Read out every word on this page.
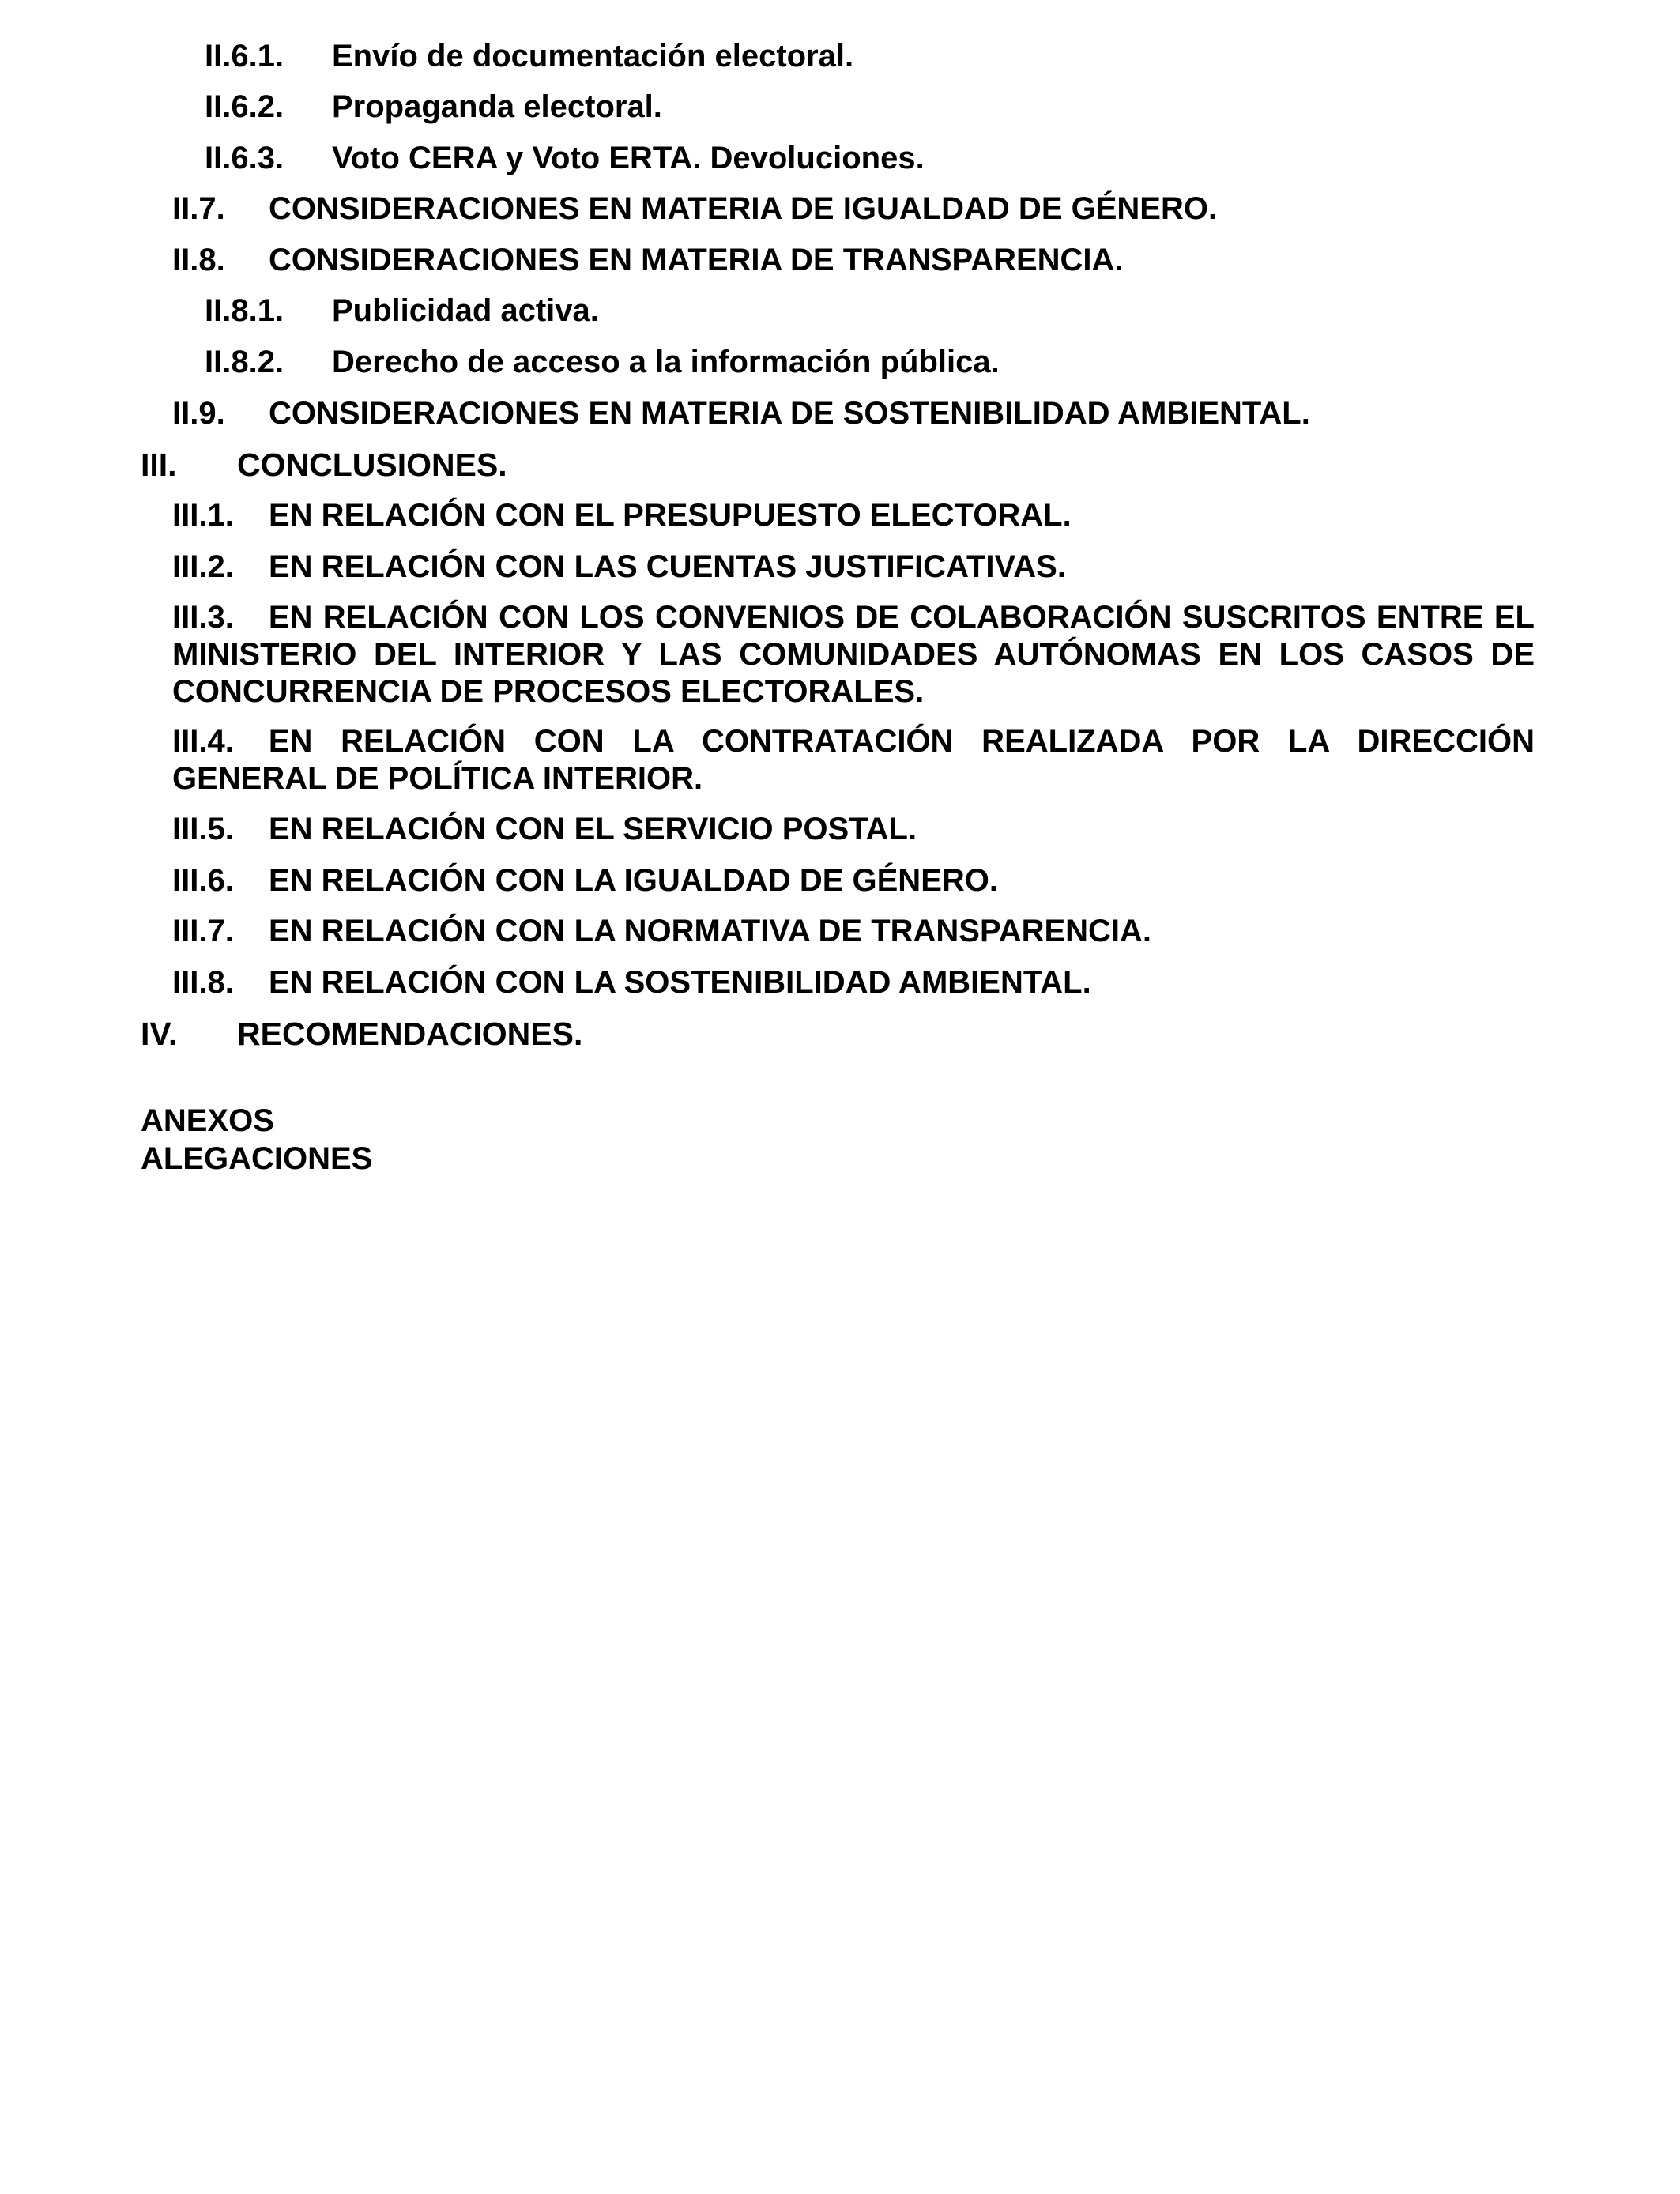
II.6.1. Envío de documentación electoral.
II.6.2. Propaganda electoral.
II.6.3. Voto CERA y Voto ERTA. Devoluciones.
II.7. CONSIDERACIONES EN MATERIA DE IGUALDAD DE GÉNERO.
II.8. CONSIDERACIONES EN MATERIA DE TRANSPARENCIA.
II.8.1. Publicidad activa.
II.8.2. Derecho de acceso a la información pública.
II.9. CONSIDERACIONES EN MATERIA DE SOSTENIBILIDAD AMBIENTAL.
III. CONCLUSIONES.
III.1. EN RELACIÓN CON EL PRESUPUESTO ELECTORAL.
III.2. EN RELACIÓN CON LAS CUENTAS JUSTIFICATIVAS.
III.3. EN RELACIÓN CON LOS CONVENIOS DE COLABORACIÓN SUSCRITOS ENTRE EL
MINISTERIO DEL INTERIOR Y LAS COMUNIDADES AUTÓNOMAS EN LOS CASOS DE
CONCURRENCIA DE PROCESOS ELECTORALES.
III.4. EN RELACIÓN CON LA CONTRATACIÓN REALIZADA POR LA DIRECCIÓN
GENERAL DE POLÍTICA INTERIOR.
III.5. EN RELACIÓN CON EL SERVICIO POSTAL.
III.6. EN RELACIÓN CON LA IGUALDAD DE GÉNERO.
III.7. EN RELACIÓN CON LA NORMATIVA DE TRANSPARENCIA.
III.8. EN RELACIÓN CON LA SOSTENIBILIDAD AMBIENTAL.
IV. RECOMENDACIONES.
ANEXOS
ALEGACIONES
